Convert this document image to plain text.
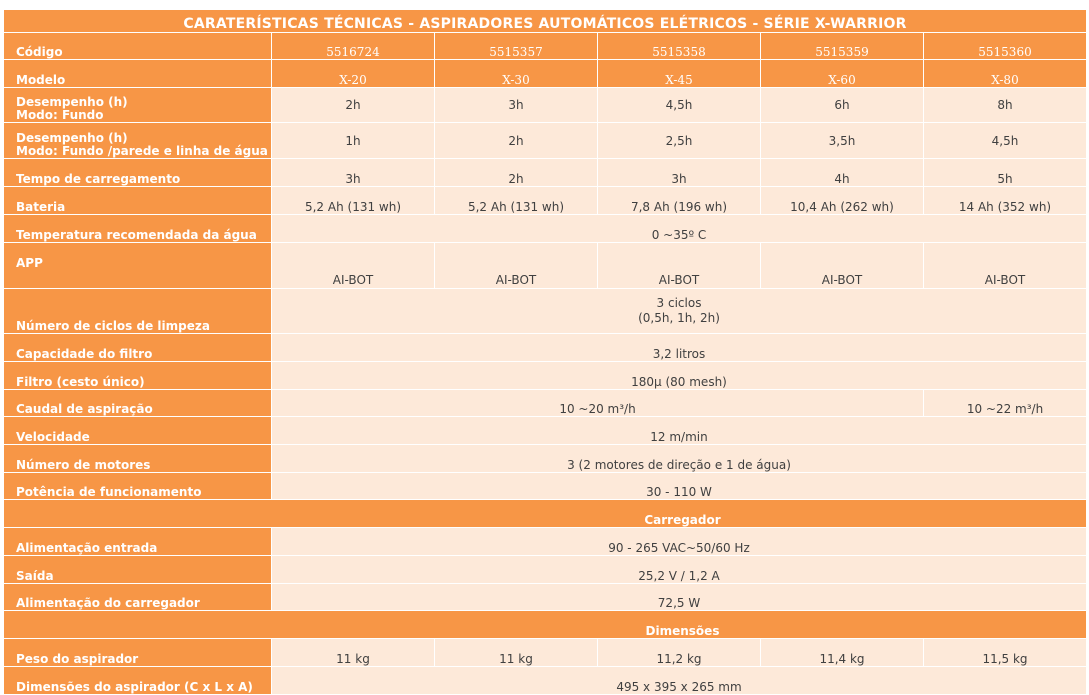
CARATERÍSTICAS TÉCNICAS - ASPIRADORES AUTOMÁTICOS ELÉTRICOS - SÉRIE X-WARRIOR					
Código	5516724	5515357	5515358	5515359	5515360
Modelo	X-20	X-30	X-45	X-60	X-80
Desempenho (h)
Modo: Fundo	2h	3h	4,5h	6h	8h
Desempenho (h)
Modo: Fundo /parede e linha de água	1h	2h	2,5h	3,5h	4,5h
Tempo de carregamento	3h	2h	3h	4h	5h
Bateria	5,2 Ah (131 wh)	5,2 Ah (131 wh)	7,8 Ah (196 wh)	10,4 Ah (262 wh)	14 Ah (352 wh)
Temperatura recomendada da água	0 ~35º C				
APP	AI-BOT	AI-BOT	AI-BOT	AI-BOT	AI-BOT
Número de ciclos de limpeza	3 ciclos
(0,5h, 1h, 2h)				
Capacidade do filtro	3,2 litros				
Filtro (cesto único)	180µ (80 mesh)				
Caudal de aspiração	10 ~20 m³/h				10 ~22 m³/h
Velocidade	12 m/min				
Número de motores	3 (2 motores de direção e 1 de água)				
Potência de funcionamento	30 - 110 W				
Carregador					
Alimentação entrada	90 - 265 VAC~50/60 Hz				
Saída	25,2 V / 1,2 A				
Alimentação do carregador	72,5 W				
Dimensões					
Peso do aspirador	11 kg	11 kg	11,2 kg	11,4 kg	11,5 kg
Dimensões do aspirador (C x L x A)	495 x 395 x 265 mm				
